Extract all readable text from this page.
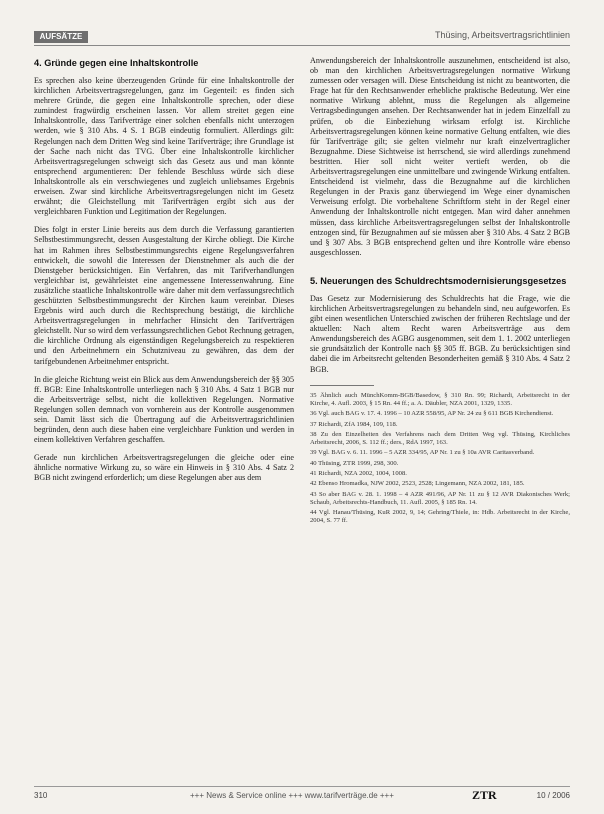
AUFSÄTZE	Thüsing, Arbeitsvertragsrichtlinien
4. Gründe gegen eine Inhaltskontrolle

Es sprechen also keine überzeugenden Gründe für eine Inhaltskontrolle der kirchlichen Arbeitsvertragsregelungen, ganz im Gegenteil: es finden sich mehrere Gründe, die gegen eine Inhaltskontrolle sprechen, oder diese zumindest fragwürdig erscheinen lassen. Vor allem streitet gegen eine Inhaltskontrolle, dass Tarifverträge einer solchen ebenfalls nicht unterzogen werden, wie § 310 Abs. 4 S. 1 BGB eindeutig formuliert. Allerdings gilt: Regelungen nach dem Dritten Weg sind keine Tarifverträge; ihre Grundlage ist der Sache nach nicht das TVG. Über eine Inhaltskontrolle kirchlicher Arbeitsvertragsregelungen schweigt sich das Gesetz aus und man könnte entsprechend argumentieren: Der fehlende Beschluss würde sich diese Inhaltskontrolle als ein verschwiegenes und zugleich unliebsames Ergebnis erweisen. Zwar sind kirchliche Arbeitsvertragsregelungen nicht im Gesetz erwähnt; die Gleichstellung mit Tarifverträgen ergibt sich aus der vergleichbaren Funktion und Legitimation der Regelungen.

Dies folgt in erster Linie bereits aus dem durch die Verfassung garantierten Selbstbestimmungsrecht, dessen Ausgestaltung der Kirche obliegt. Die Kirche hat im Rahmen ihres Selbstbestimmungsrechts eigene Regelungsverfahren entwickelt, die sowohl die Interessen der Dienstnehmer als auch die der Dienstgeber berücksichtigen. Ein Verfahren, das mit Tarifverhandlungen vergleichbar ist, gewährleistet eine angemessene Interessenwahrung. Eine zusätzliche staatliche Inhaltskontrolle wäre daher mit dem verfassungsrechtlich geschützten Selbstbestimmungsrecht der Kirchen kaum vereinbar. Dieses Ergebnis wird auch durch die Rechtsprechung bestätigt, die kirchliche Arbeitsvertragsregelungen in mehrfacher Hinsicht den Tarifverträgen gleichstellt. Nur so wird dem verfassungsrechtlichen Gebot Rechnung getragen, die kirchliche Ordnung als eigenständigen Regelungsbereich zu respektieren und den Arbeitnehmern ein Schutzniveau zu gewähren, das dem der tarifgebundenen Arbeitnehmer entspricht.

In die gleiche Richtung weist ein Blick aus dem Anwendungsbereich der §§ 305 ff. BGB: Eine Inhaltskontrolle unterliegen nach § 310 Abs. 4 Satz 1 BGB nur die Arbeitsverträge selbst, nicht die kollektiven Regelungen. Normative Regelungen sollen demnach von vornherein aus der Kontrolle ausgenommen sein. Damit lässt sich die Übertragung auf die Arbeitsvertragsrichtlinien begründen, denn auch diese haben eine vergleichbare Funktion und werden in einem kollektiven Verfahren geschaffen.

Gerade nun kirchlichen Arbeitsvertragsregelungen die gleiche oder eine ähnliche normative Wirkung zu, so wäre ein Hinweis in § 310 Abs. 4 Satz 2 BGB nicht zwingend erforderlich; um diese Regelungen aber aus dem

Anwendungsbereich der Inhaltskontrolle auszunehmen, entscheidend ist also, ob man den kirchlichen Arbeitsvertragsregelungen normative Wirkung zumessen oder versagen will. Diese Entscheidung ist nicht zu beantworten, die Frage hat für den Rechtsanwender erhebliche praktische Bedeutung. Wer eine normative Wirkung ablehnt, muss die Regelungen als allgemeine Vertragsbedingungen ansehen. Der Rechtsanwender hat in jedem Einzelfall zu prüfen, ob die Einbeziehung wirksam erfolgt ist. Kirchliche Arbeitsvertragsregelungen können keine normative Geltung entfalten, wie dies für Tarifverträge gilt; sie gelten vielmehr nur kraft einzelvertraglicher Bezugnahme. Diese Sichtweise ist herrschend, sie wird allerdings zunehmend bestritten. Hier soll nicht weiter vertieft werden, ob die Arbeitsvertragsregelungen eine unmittelbare und zwingende Wirkung entfalten. Entscheidend ist vielmehr, dass die Bezugnahme auf die kirchlichen Regelungen in der Praxis ganz überwiegend im Wege einer dynamischen Verweisung erfolgt. Die vorbehaltene Schriftform steht in der Regel einer Anwendung der Inhaltskontrolle nicht entgegen. Man wird daher annehmen müssen, dass kirchliche Arbeitsvertragsregelungen selbst der Inhaltskontrolle entzogen sind, für Bezugnahmen auf sie müssen aber § 310 Abs. 4 Satz 2 BGB und § 307 Abs. 3 BGB entsprechend gelten und ihre Kontrolle wäre ebenso ausgeschlossen.

5. Neuerungen des Schuldrechtsmodernisierungsgesetzes

Das Gesetz zur Modernisierung des Schuldrechts hat die Frage, wie die kirchlichen Arbeitsvertragsregelungen zu behandeln sind, neu aufgeworfen. Es gibt einen wesentlichen Unterschied zwischen der früheren Rechtslage und der aktuellen: Nach altem Recht waren Arbeitsverträge aus dem Anwendungsbereich des AGBG ausgenommen, seit dem 1. 1. 2002 unterliegen sie grundsätzlich der Kontrolle nach §§ 305 ff. BGB. Zu berücksichtigen sind dabei die im Arbeitsrecht geltenden Besonderheiten gemäß § 310 Abs. 4 Satz 2 BGB.

35 Ähnlich auch MünchKomm-BGB/Basedow, § 310 Rn. 99; Richardi, Arbeitsrecht in der Kirche, 4. Aufl. 2003, § 15 Rn. 44 ff.; a. A. Däubler, NZA 2001, 1329, 1335.

36 Vgl. auch BAG v. 17. 4. 1996 – 10 AZR 558/95, AP Nr. 24 zu § 611 BGB Kirchendienst.

37 Richardi, ZfA 1984, 109, 118.

38 Zu den Einzelheiten des Verfahrens nach dem Dritten Weg vgl. Thüsing, Kirchliches Arbeitsrecht, 2006, S. 112 ff.; ders., RdA 1997, 163.

39 Vgl. BAG v. 6. 11. 1996 – 5 AZR 334/95, AP Nr. 1 zu § 10a AVR Caritasverband.

40 Thüsing, ZTR 1999, 298, 300.

41 Richardi, NZA 2002, 1004, 1008.

42 Ebenso Hromadka, NJW 2002, 2523, 2528; Lingemann, NZA 2002, 181, 185.

43 So aber BAG v. 28. 1. 1998 – 4 AZR 491/96, AP Nr. 11 zu § 12 AVR Diakonisches Werk; Schaub, Arbeitsrechts-Handbuch, 11. Aufl. 2005, § 185 Rn. 14.

44 Vgl. Hanau/Thüsing, KuR 2002, 9, 14; Gehring/Thiele, in: Hdb. Arbeitsrecht in der Kirche, 2004, S. 77 ff.

310	+++ News & Service online +++ www.tarifverträge.de +++	ZTR	10 / 2006
